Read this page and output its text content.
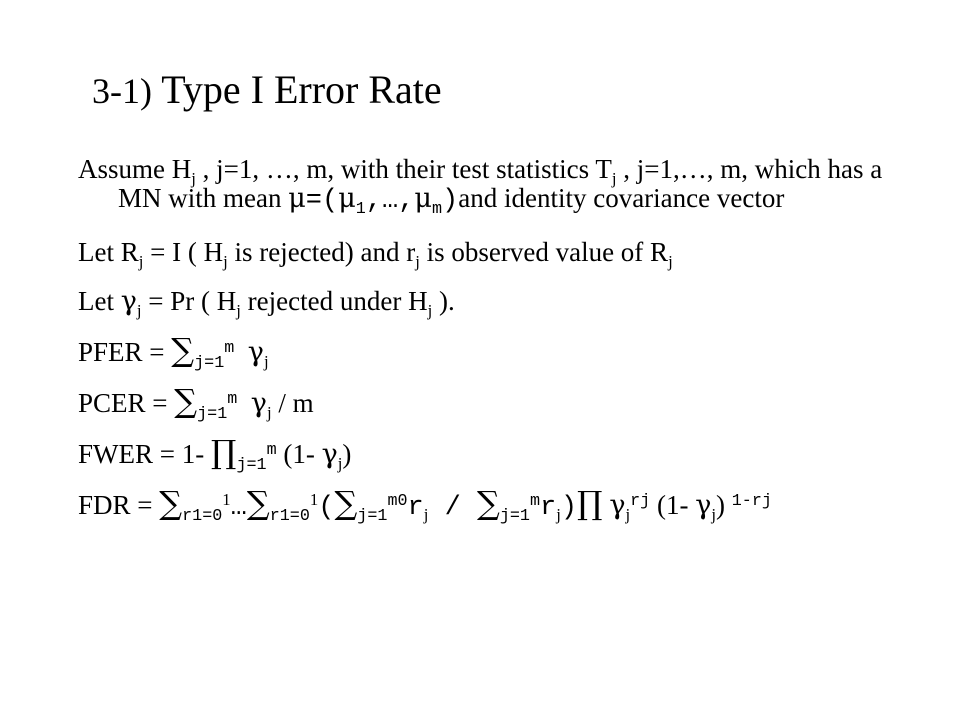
3-1) Type I Error Rate

Assume $H_j$ , j=1, …, m, with their test statistics $T_j$ , j=1,…, m, which has a MN with mean $\mu=(\mu_1,\dots,\mu_m)and$ identity covariance vector

Let $R_j = I$ ( $H_j$ is rejected) and $r_j$ is observed value of $R_j$

Let $\gamma_j = Pr$ ( $H_j$ rejected under $H_j$ ).

PFER = $\sum_{j=1}^m$ $\gamma_j$

PCER = $\sum_{j=1}^m$ $\gamma_j$ / m

FWER = 1- $\prod_{j=1}^m$ (1- $\gamma_j$)

FDR = $\sum_{r1=0}^1\dots\sum_{r1=0}^1(\sum_{j=1}^{m0}r_j$ / $\sum_{j=1}^mr_j)\prod$ $\gamma_j^{rj}$ (1- $\gamma_j$) $^{1-rj}$
